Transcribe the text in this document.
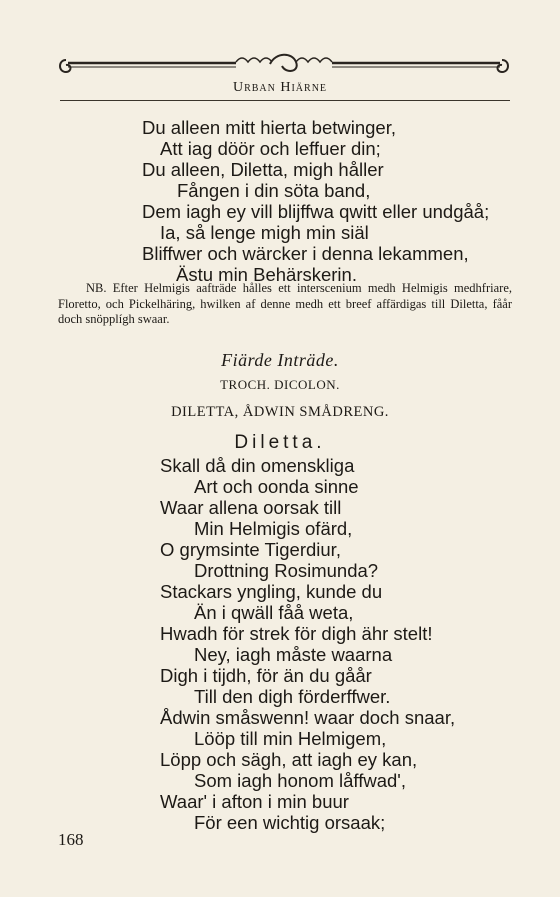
Urban Hiärne
Du alleen mitt hierta betwinger,
Att iag döör och leffuer din;
Du alleen, Diletta, migh håller
Fången i din söta band,
Dem iagh ey vill blijffwa qwitt eller undgåå;
Ia, så lenge migh min siäl
Bliffwer och wärcker i denna lekammen,
Ästu min Behärskerin.
NB. Efter Helmigis aafträde hålles ett interscenium medh Helmigis medhfriare, Floretto, och Pickelhäring, hwilken af denne medh ett breef affärdigas till Diletta, fåår doch snöpplígh swaar.
Fiärde Inträde.
TROCH. DICOLON.
DILETTA, ÅDWIN SMÅDRENG.
Diletta.
Skall då din omenskliga
Art och oonda sinne
Waar allena oorsak till
Min Helmigis ofärd,
O grymsinte Tigerdiur,
Drottning Rosimunda?
Stackars yngling, kunde du
Än i qwäll fåå weta,
Hwadh för strek för digh ähr stelt!
Ney, iagh måste waarna
Digh i tijdh, för än du gåår
Till den digh förderffwer.
Ådwin småswenn! waar doch snaar,
Lööp till min Helmigem,
Löpp och sägh, att iagh ey kan,
Som iagh honom låffwad',
Waar' i afton i min buur
För een wichtig orsaak;
168
